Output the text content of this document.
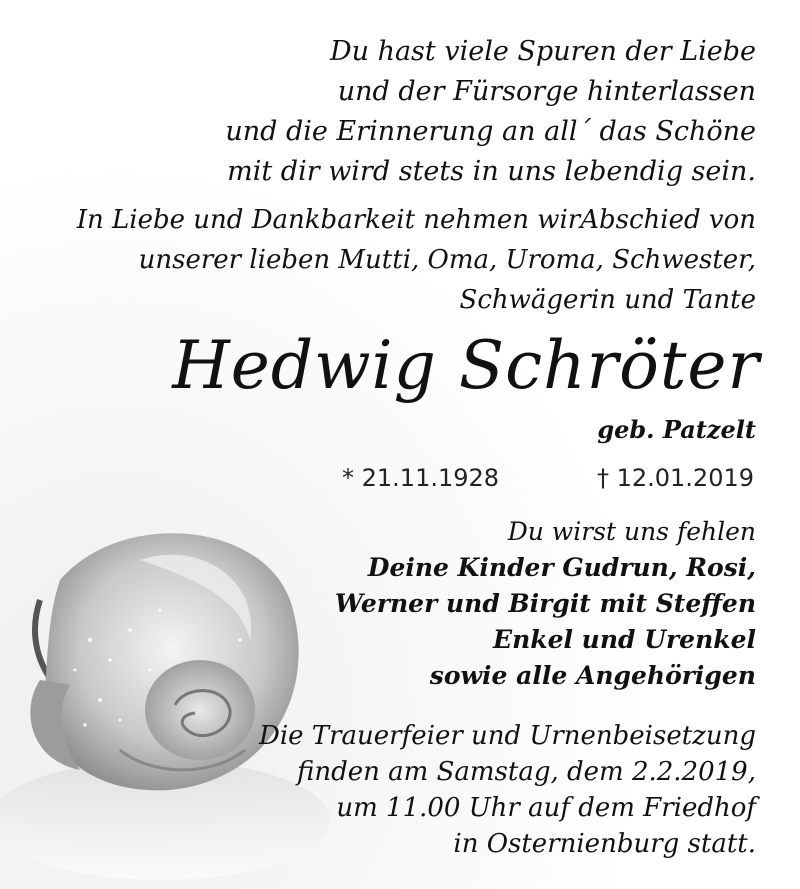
Du hast viele Spuren der Liebe
und der Fürsorge hinterlassen
und die Erinnerung an all´ das Schöne
mit dir wird stets in uns lebendig sein.
In Liebe und Dankbarkeit nehmen wirAbschied von
unserer lieben Mutti, Oma, Uroma, Schwester,
Schwägerin und Tante
Hedwig Schröter
geb. Patzelt
* 21.11.1928	† 12.01.2019
Du wirst uns fehlen
Deine Kinder Gudrun, Rosi,
Werner und Birgit mit Steffen
Enkel und Urenkel
sowie alle Angehörigen
Die Trauerfeier und Urnenbeisetzung
finden am Samstag, dem 2.2.2019,
um 11.00 Uhr auf dem Friedhof
in Osternienburg statt.
